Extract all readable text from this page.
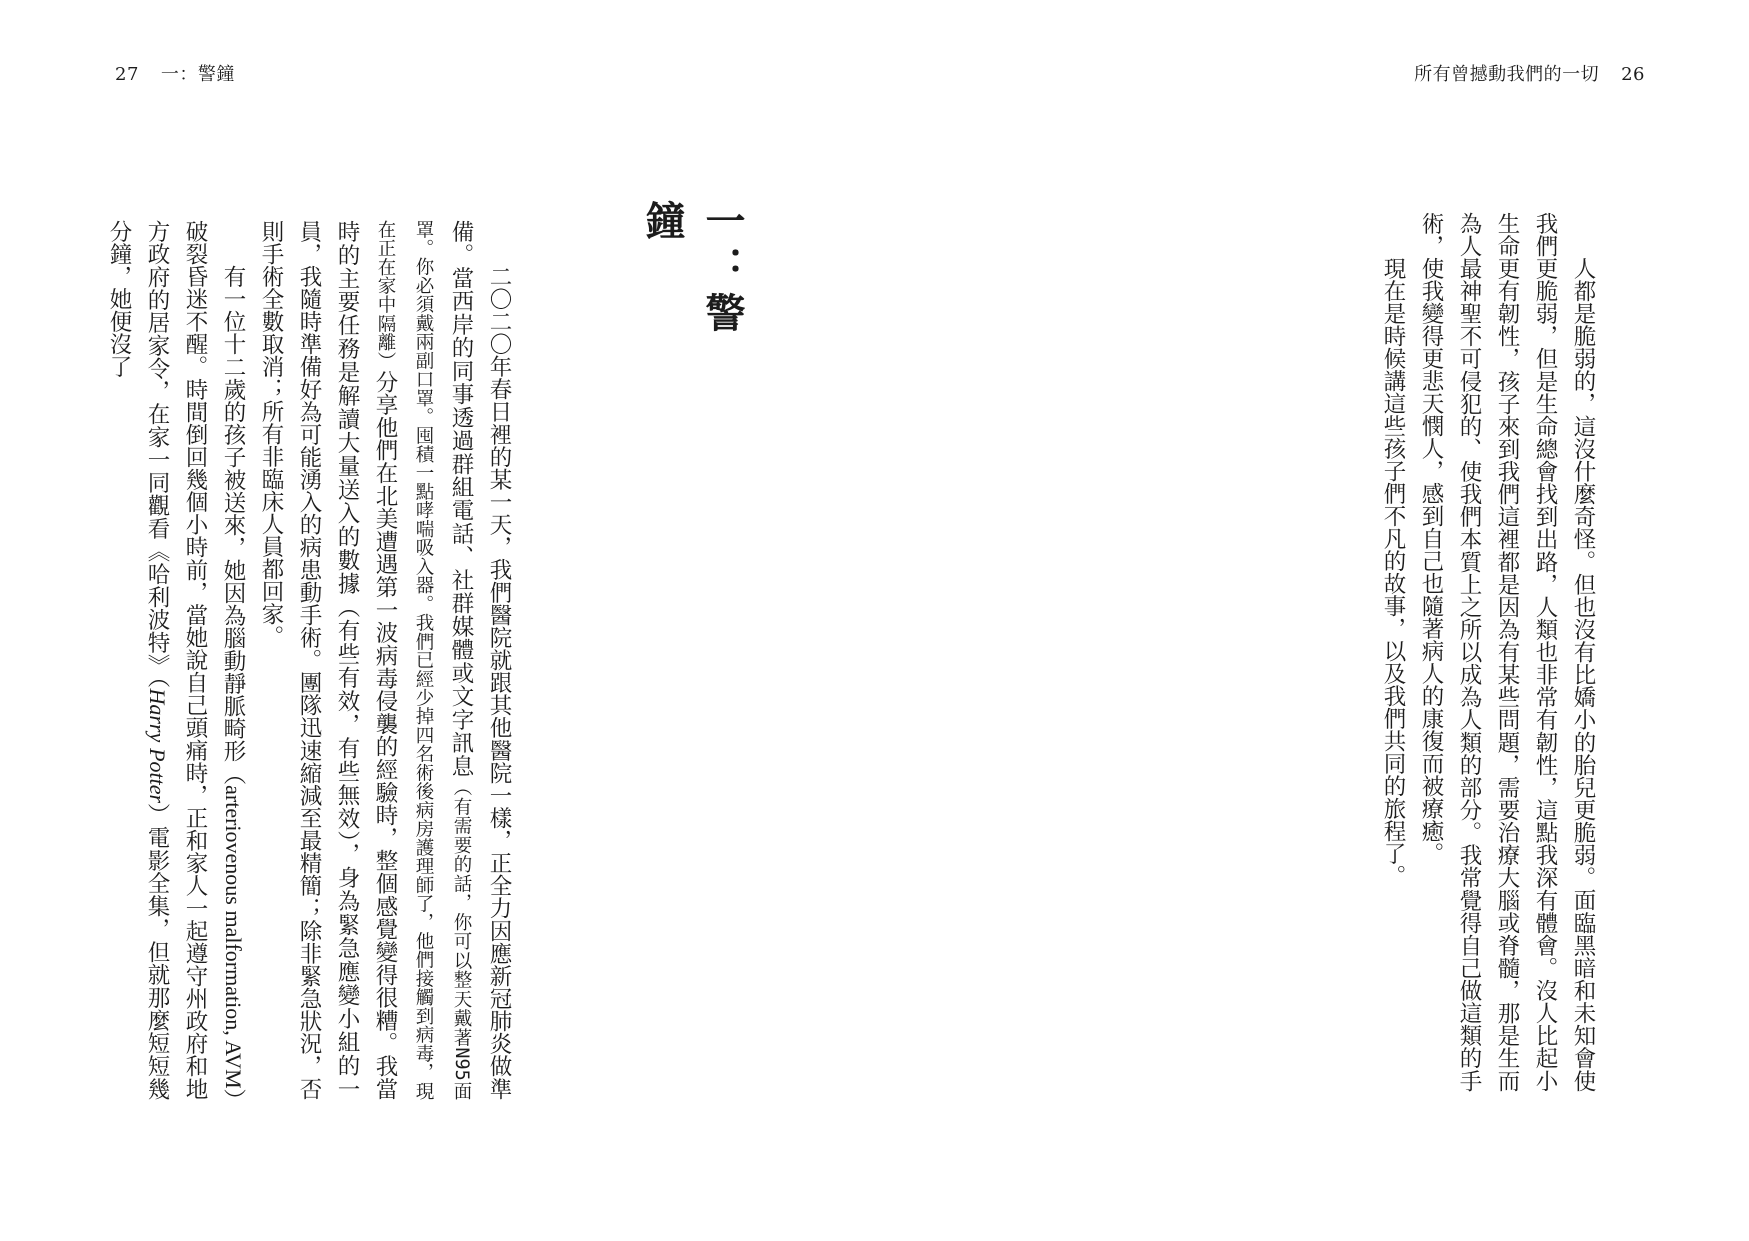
27 一：警鐘	所有曾撼動我們的一切 26

人都是脆弱的，這沒什麼奇怪。但也沒有比嬌小的胎兒更脆弱。面臨黑暗和未知會使我們更脆弱，但是生命總會找到出路，人類也非常有韌性，這點我深有體會。沒人比起小生命更有韌性，孩子來到我們這裡都是因為有某些問題，需要治療大腦或脊髓，那是生而為人最神聖不可侵犯的、使我們本質上之所以成為人類的部分。我常覺得自己做這類的手術，使我變得更悲天憫人，感到自己也隨著病人的康復而被療癒。

現在是時候講這些孩子們不凡的故事，以及我們共同的旅程了。

一：警鐘

二〇二〇年春日裡的某一天，我們醫院就跟其他醫院一樣，正全力因應新冠肺炎做準備。當西岸的同事透過群組電話、社群媒體或文字訊息（有需要的話，你可以整天戴著N95面罩。你必須戴兩副口罩。囤積一點哮喘吸入器。我們已經少掉四名術後病房護理師了，他們接觸到病毒，現在正在家中隔離）分享他們在北美遭遇第一波病毒侵襲的經驗時，整個感覺變得很糟。我當時的主要任務是解讀大量送入的數據（有些有效，有些無效），身為緊急應變小組的一員，我隨時準備好為可能湧入的病患動手術。團隊迅速縮減至最精簡；除非緊急狀況，否則手術全數取消；所有非臨床人員都回家。

有一位十二歲的孩子被送來，她因為腦動靜脈畸形（arteriovenous malformation, AVM）破裂昏迷不醒。時間倒回幾個小時前，當她說自己頭痛時，正和家人一起遵守州政府和地方政府的居家令，在家一同觀看《哈利波特》（Harry Potter）電影全集，但就那麼短短幾分鐘，她便沒了
